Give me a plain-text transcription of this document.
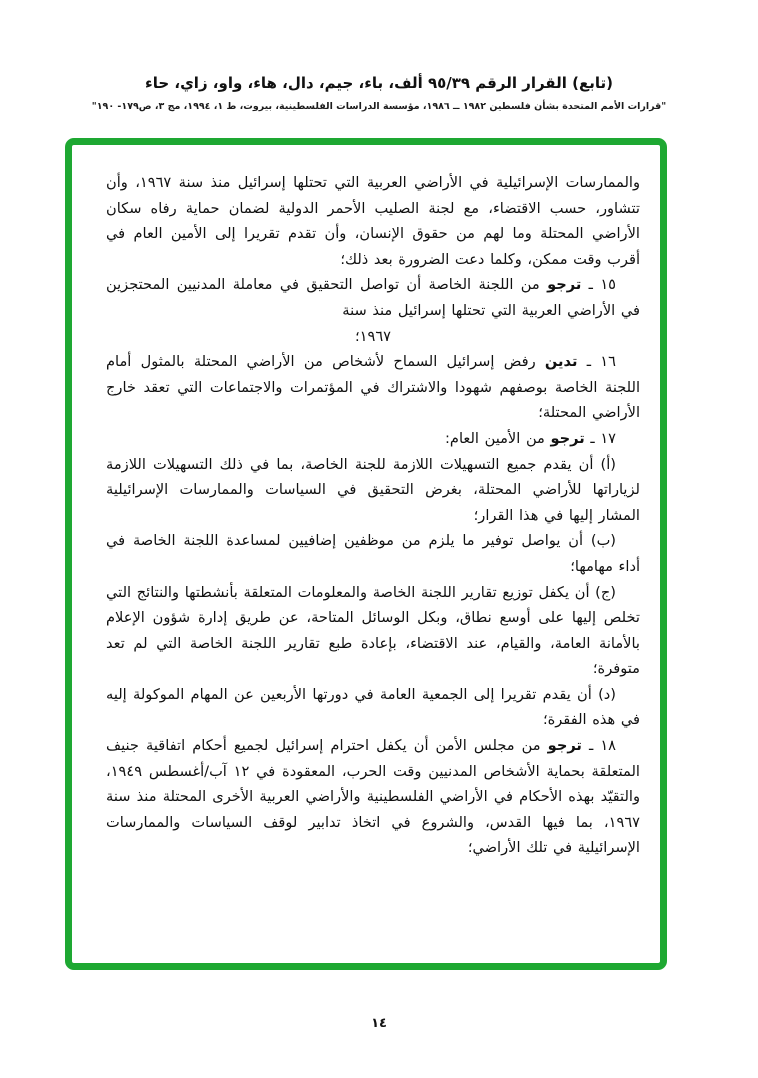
(تابع) القرار الرقم ٩٥/٣٩ ألف، باء، جيم، دال، هاء، واو، زاي، حاء
"قرارات الأمم المتحدة بشأن فلسطين ١٩٨٢ ــ ١٩٨٦، مؤسسة الدراسات الفلسطينية، بيروت، ط ١، ١٩٩٤، مج ٣، ص١٧٩- ١٩٠"

والممارسات الإسرائيلية في الأراضي العربية التي تحتلها إسرائيل منذ سنة ١٩٦٧، وأن تتشاور، حسب الاقتضاء، مع لجنة الصليب الأحمر الدولية لضمان حماية رفاه سكان الأراضي المحتلة وما لهم من حقوق الإنسان، وأن تقدم تقريرا إلى الأمين العام في أقرب وقت ممكن، وكلما دعت الضرورة بعد ذلك؛

١٥ ـ ترجو من اللجنة الخاصة أن تواصل التحقيق في معاملة المدنيين المحتجزين في الأراضي العربية التي تحتلها إسرائيل منذ سنة

١٩٦٧؛

١٦ ـ تدين رفض إسرائيل السماح لأشخاص من الأراضي المحتلة بالمثول أمام اللجنة الخاصة بوصفهم شهودا والاشتراك في المؤتمرات والاجتماعات التي تعقد خارج الأراضي المحتلة؛

١٧ ـ ترجو من الأمين العام:

(أ) أن يقدم جميع التسهيلات اللازمة للجنة الخاصة، بما في ذلك التسهيلات اللازمة لزياراتها للأراضي المحتلة، بغرض التحقيق في السياسات والممارسات الإسرائيلية المشار إليها في هذا القرار؛

(ب) أن يواصل توفير ما يلزم من موظفين إضافيين لمساعدة اللجنة الخاصة في أداء مهامها؛

(ج) أن يكفل توزيع تقارير اللجنة الخاصة والمعلومات المتعلقة بأنشطتها والنتائج التي تخلص إليها على أوسع نطاق، وبكل الوسائل المتاحة، عن طريق إدارة شؤون الإعلام بالأمانة العامة، والقيام، عند الاقتضاء، بإعادة طبع تقارير اللجنة الخاصة التي لم تعد متوفرة؛

(د) أن يقدم تقريرا إلى الجمعية العامة في دورتها الأربعين عن المهام الموكولة إليه في هذه الفقرة؛

١٨ ـ ترجو من مجلس الأمن أن يكفل احترام إسرائيل لجميع أحكام اتفاقية جنيف المتعلقة بحماية الأشخاص المدنيين وقت الحرب، المعقودة في ١٢ آب/أغسطس ١٩٤٩، والتقيّد بهذه الأحكام في الأراضي الفلسطينية والأراضي العربية الأخرى المحتلة منذ سنة ١٩٦٧، بما فيها القدس، والشروع في اتخاذ تدابير لوقف السياسات والممارسات الإسرائيلية في تلك الأراضي؛

١٤
